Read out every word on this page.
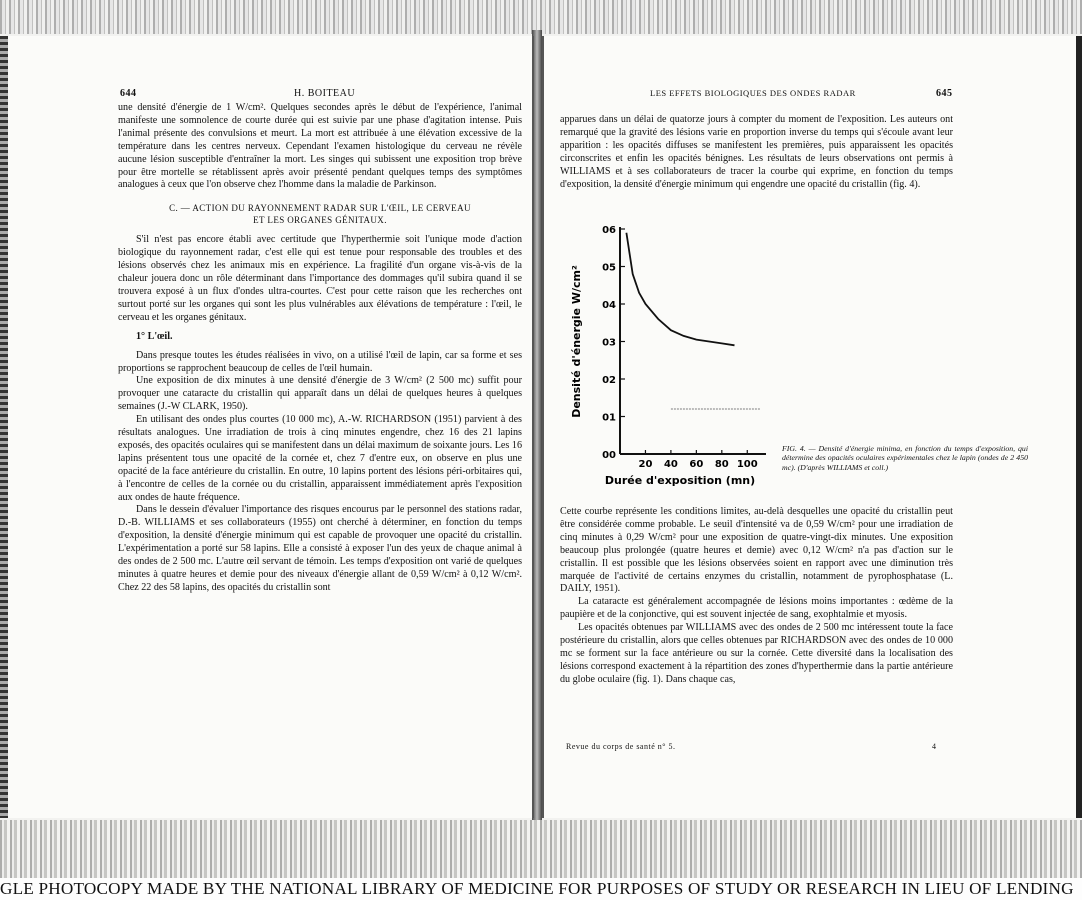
644	H. BOITEAU

une densité d'énergie de 1 W/cm². Quelques secondes après le début de l'expérience, l'animal manifeste une somnolence de courte durée qui est suivie par une phase d'agitation intense. Puis l'animal présente des convulsions et meurt. La mort est attribuée à une élévation excessive de la température dans les centres nerveux. Cependant l'examen histologique du cerveau ne révèle aucune lésion susceptible d'entraîner la mort. Les singes qui subissent une exposition trop brève pour être mortelle se rétablissent après avoir présenté pendant quelques temps des symptômes analogues à ceux que l'on observe chez l'homme dans la maladie de Parkinson.

C. — ACTION DU RAYONNEMENT RADAR SUR L'ŒIL, LE CERVEAU
ET LES ORGANES GÉNITAUX.

S'il n'est pas encore établi avec certitude que l'hyperthermie soit l'unique mode d'action biologique du rayonnement radar, c'est elle qui est tenue pour responsable des troubles et des lésions observés chez les animaux mis en expérience. La fragilité d'un organe vis-à-vis de la chaleur jouera donc un rôle déterminant dans l'importance des dommages qu'il subira quand il se trouvera exposé à un flux d'ondes ultra-courtes. C'est pour cette raison que les recherches ont surtout porté sur les organes qui sont les plus vulnérables aux élévations de température : l'œil, le cerveau et les organes génitaux.

1° L'œil.

Dans presque toutes les études réalisées in vivo, on a utilisé l'œil de lapin, car sa forme et ses proportions se rapprochent beaucoup de celles de l'œil humain.

Une exposition de dix minutes à une densité d'énergie de 3 W/cm² (2 500 mc) suffit pour provoquer une cataracte du cristallin qui apparaît dans un délai de quelques heures à quelques semaines (J.-W CLARK, 1950).

En utilisant des ondes plus courtes (10 000 mc), A.-W. RICHARDSON (1951) parvient à des résultats analogues. Une irradiation de trois à cinq minutes engendre, chez 16 des 21 lapins exposés, des opacités oculaires qui se manifestent dans un délai maximum de soixante jours. Les 16 lapins présentent tous une opacité de la cornée et, chez 7 d'entre eux, on observe en plus une opacité de la face antérieure du cristallin. En outre, 10 lapins portent des lésions péri-orbitaires qui, à l'encontre de celles de la cornée ou du cristallin, apparaissent immédiatement après l'exposition aux ondes de haute fréquence.

Dans le dessein d'évaluer l'importance des risques encourus par le personnel des stations radar, D.-B. WILLIAMS et ses collaborateurs (1955) ont cherché à déterminer, en fonction du temps d'exposition, la densité d'énergie minimum qui est capable de provoquer une opacité du cristallin. L'expérimentation a porté sur 58 lapins. Elle a consisté à exposer l'un des yeux de chaque animal à des ondes de 2 500 mc. L'autre œil servant de témoin. Les temps d'exposition ont varié de quelques minutes à quatre heures et demie pour des niveaux d'énergie allant de 0,59 W/cm² à 0,12 W/cm². Chez 22 des 58 lapins, des opacités du cristallin sont

LES EFFETS BIOLOGIQUES DES ONDES RADAR	645

apparues dans un délai de quatorze jours à compter du moment de l'exposition. Les auteurs ont remarqué que la gravité des lésions varie en proportion inverse du temps qui s'écoule avant leur apparition : les opacités diffuses se manifestent les premières, puis apparaissent les opacités circonscrites et enfin les opacités bénignes. Les résultats de leurs observations ont permis à WILLIAMS et à ses collaborateurs de tracer la courbe qui exprime, en fonction du temps d'exposition, la densité d'énergie minimum qui engendre une opacité du cristallin (fig. 4).

00
01
02
03
04
05
06
20 40 60 80 100
Durée d'exposition (mn)
Densité d'énergie W/cm²
FIG. 4. — Densité d'énergie minima, en fonction du temps d'exposition, qui détermine des opacités oculaires expérimentales chez le lapin (ondes de 2 450 mc). (D'après WILLIAMS et coll.)

Cette courbe représente les conditions limites, au-delà desquelles une opacité du cristallin peut être considérée comme probable. Le seuil d'intensité va de 0,59 W/cm² pour une irradiation de cinq minutes à 0,29 W/cm² pour une exposition de quatre-vingt-dix minutes. Une exposition beaucoup plus prolongée (quatre heures et demie) avec 0,12 W/cm² n'a pas d'action sur le cristallin. Il est possible que les lésions observées soient en rapport avec une diminution très marquée de l'activité de certains enzymes du cristallin, notamment de pyrophosphatase (L. DAILY, 1951).

La cataracte est généralement accompagnée de lésions moins importantes : œdème de la paupière et de la conjonctive, qui est souvent injectée de sang, exophtalmie et myosis.

Les opacités obtenues par WILLIAMS avec des ondes de 2 500 mc intéressent toute la face postérieure du cristallin, alors que celles obtenues par RICHARDSON avec des ondes de 10 000 mc se forment sur la face antérieure ou sur la cornée. Cette diversité dans la localisation des lésions correspond exactement à la répartition des zones d'hyperthermie dans la partie antérieure du globe oculaire (fig. 1). Dans chaque cas,

Revue du corps de santé n° 5.	4
GLE PHOTOCOPY MADE BY THE NATIONAL LIBRARY OF MEDICINE FOR PURPOSES OF STUDY OR RESEARCH IN LIEU OF LENDING
